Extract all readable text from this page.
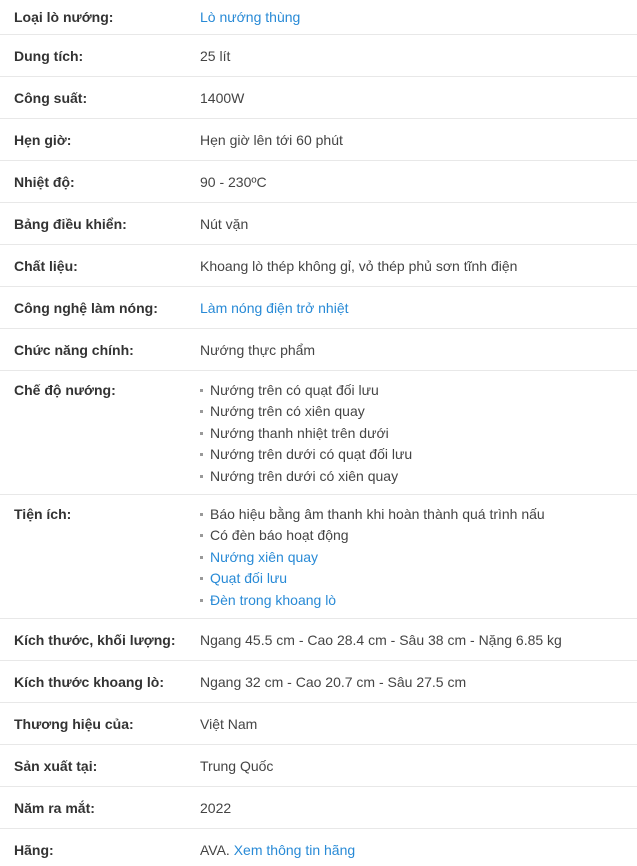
Loại lò nướng:	Lò nướng thùng
Dung tích:	25 lít
Công suất:	1400W
Hẹn giờ:	Hẹn giờ lên tới 60 phút
Nhiệt độ:	90 - 230ºC
Bảng điều khiển:	Nút vặn
Chất liệu:	Khoang lò thép không gỉ, vỏ thép phủ sơn tĩnh điện
Công nghệ làm nóng:	Làm nóng điện trở nhiệt
Chức năng chính:	Nướng thực phẩm
Chế độ nướng:	Nướng trên có quạt đối lưu
Nướng trên có xiên quay
Nướng thanh nhiệt trên dưới
Nướng trên dưới có quạt đối lưu
Nướng trên dưới có xiên quay
Tiện ích:	Báo hiệu bằng âm thanh khi hoàn thành quá trình nấu
Có đèn báo hoạt động
Nướng xiên quay
Quạt đối lưu
Đèn trong khoang lò
Kích thước, khối lượng:	Ngang 45.5 cm - Cao 28.4 cm - Sâu 38 cm - Nặng 6.85 kg
Kích thước khoang lò:	Ngang 32 cm - Cao 20.7 cm - Sâu 27.5 cm
Thương hiệu của:	Việt Nam
Sản xuất tại:	Trung Quốc
Năm ra mắt:	2022
Hãng:	AVA. Xem thông tin hãng
